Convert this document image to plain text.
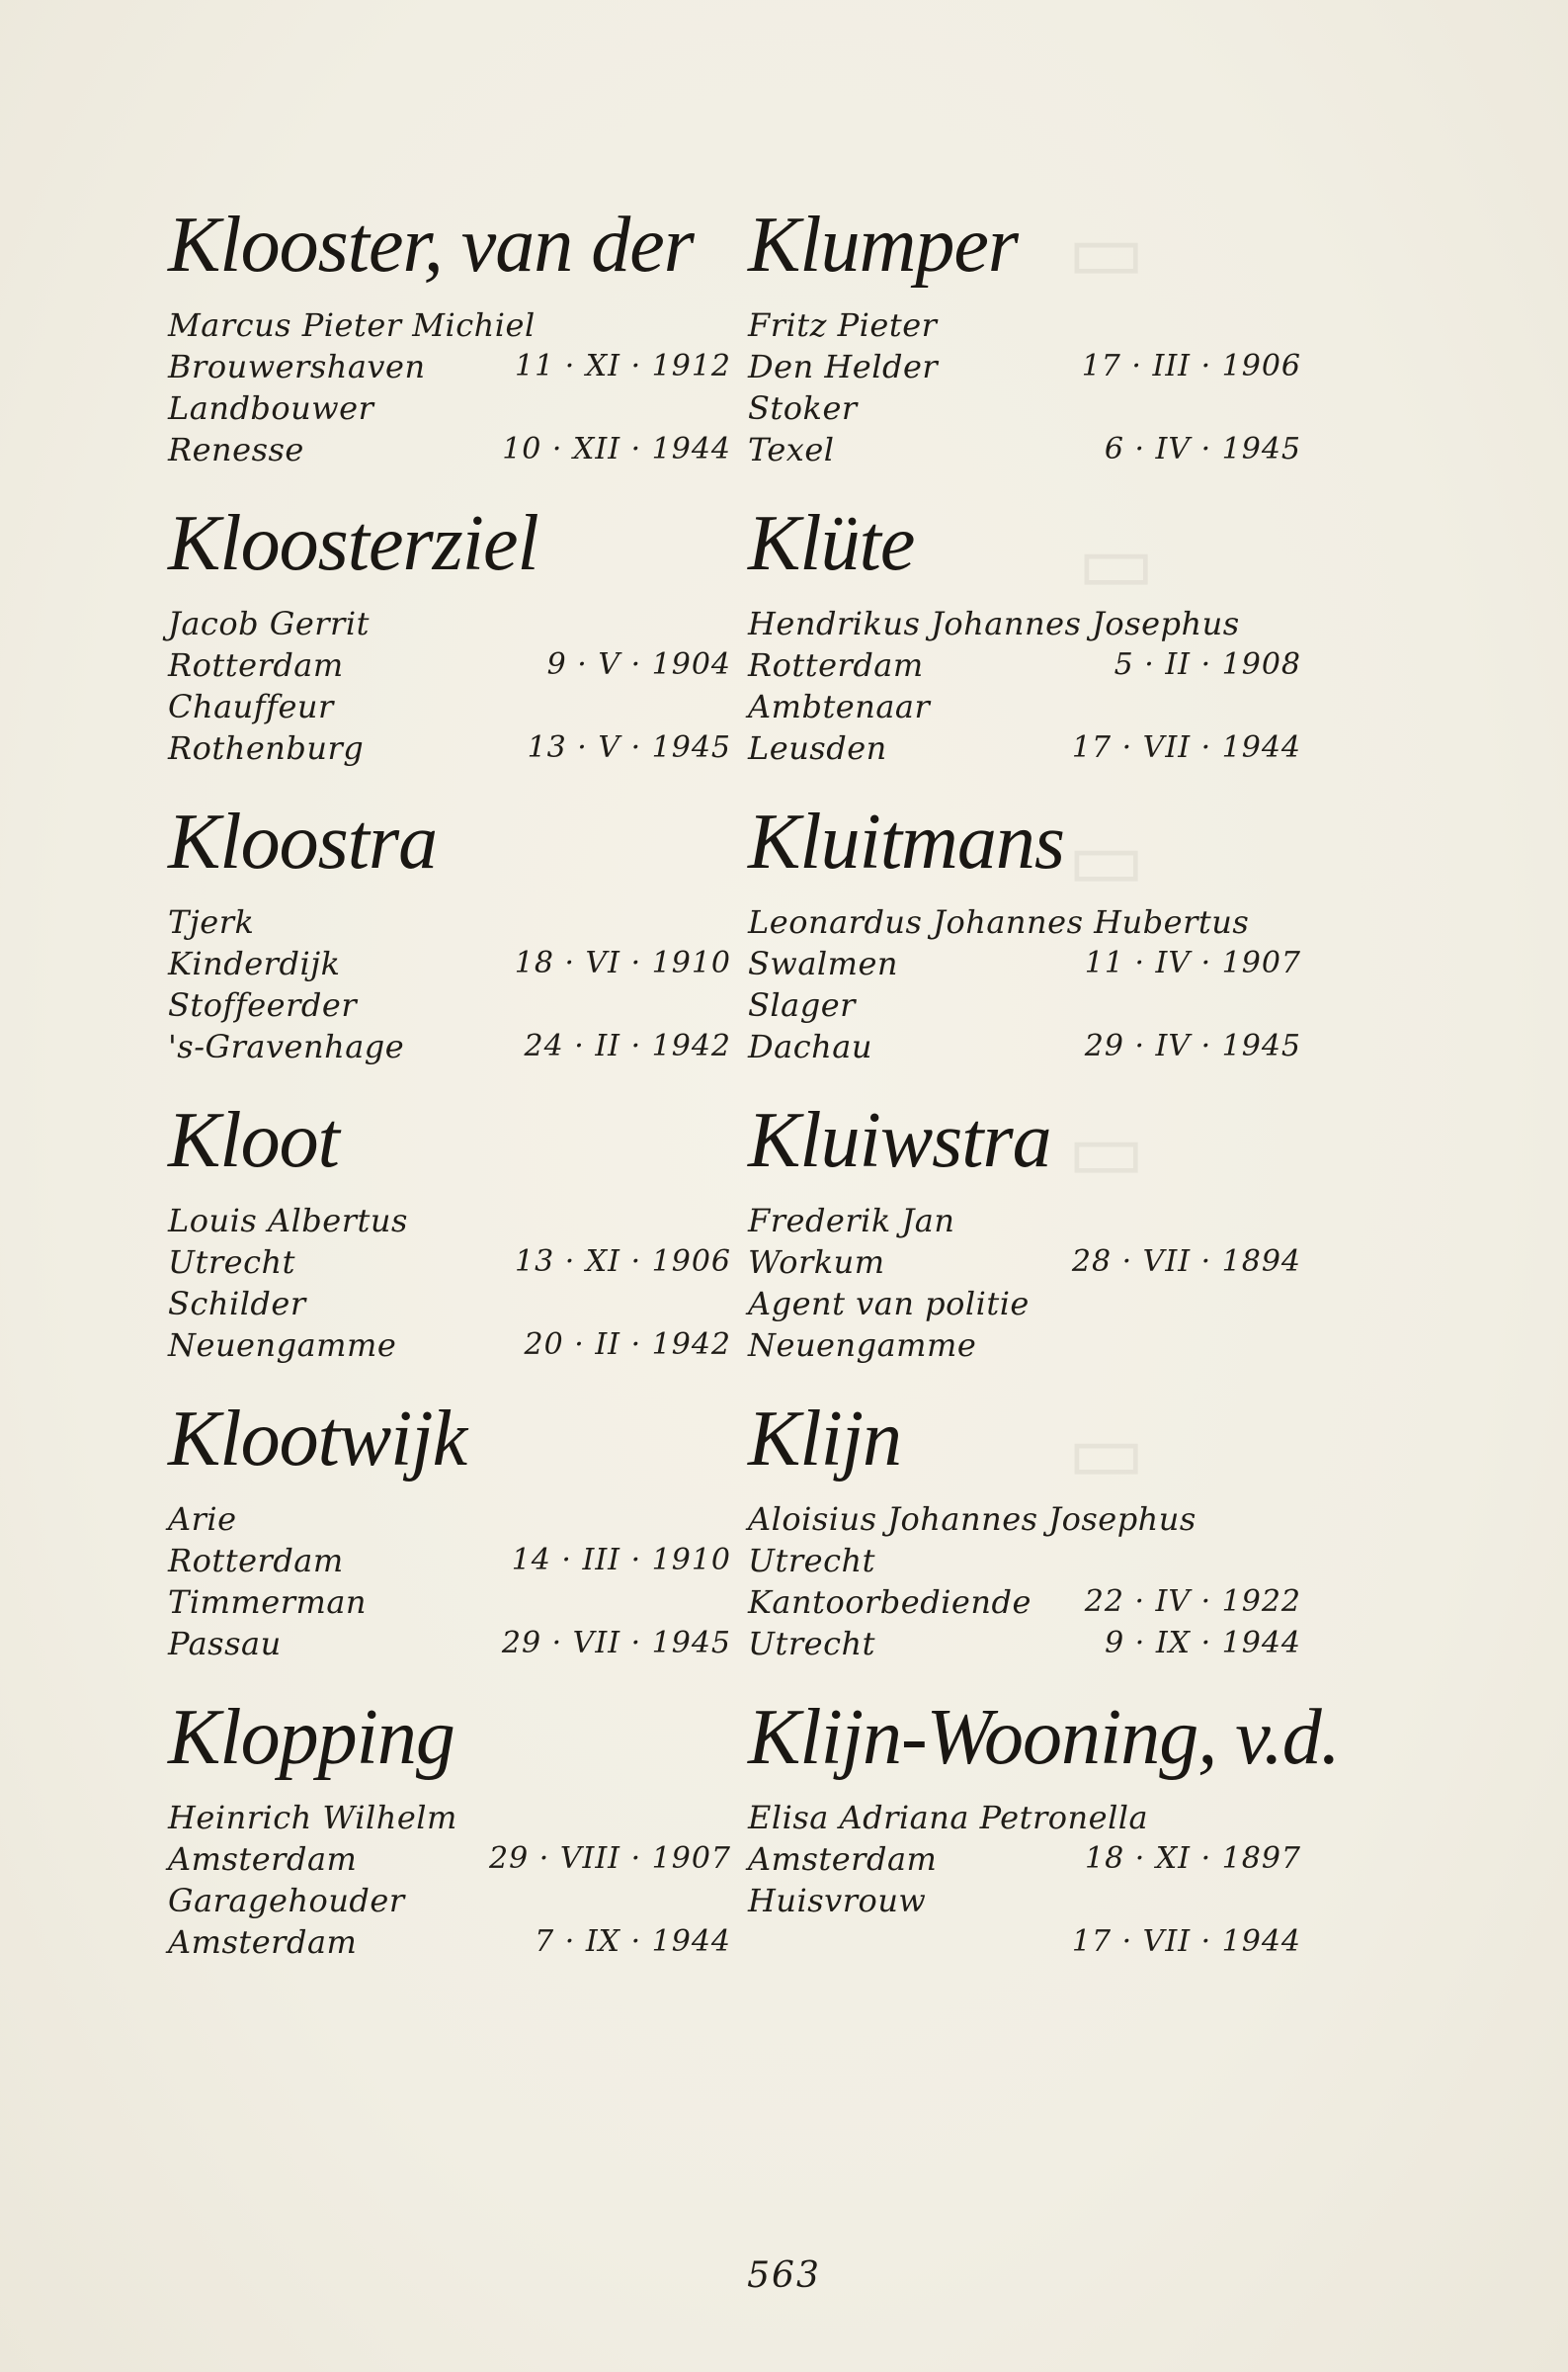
▭
▭
▭
▭
▭
Klooster, van der
Marcus Pieter Michiel
Brouwershaven	11 · XI · 1912
Landbouwer
Renesse	10 · XII · 1944
Kloosterziel
Jacob Gerrit
Rotterdam	9 · V · 1904
Chauffeur
Rothenburg	13 · V · 1945
Kloostra
Tjerk
Kinderdijk	18 · VI · 1910
Stoffeerder
's-Gravenhage	24 · II · 1942
Kloot
Louis Albertus
Utrecht	13 · XI · 1906
Schilder
Neuengamme	20 · II · 1942
Klootwijk
Arie
Rotterdam	14 · III · 1910
Timmerman
Passau	29 · VII · 1945
Klopping
Heinrich Wilhelm
Amsterdam	29 · VIII · 1907
Garagehouder
Amsterdam	7 · IX · 1944
Klumper
Fritz Pieter
Den Helder	17 · III · 1906
Stoker
Texel	6 · IV · 1945
Klüte
Hendrikus Johannes Josephus
Rotterdam	5 · II · 1908
Ambtenaar
Leusden	17 · VII · 1944
Kluitmans
Leonardus Johannes Hubertus
Swalmen	11 · IV · 1907
Slager
Dachau	29 · IV · 1945
Kluiwstra
Frederik Jan
Workum	28 · VII · 1894
Agent van politie
Neuengamme
Klijn
Aloisius Johannes Josephus
Utrecht
Kantoorbediende 22 · IV · 1922
Utrecht	9 · IX · 1944
Klijn-Wooning, v.d.
Elisa Adriana Petronella
Amsterdam	18 · XI · 1897
Huisvrouw
17 · VII · 1944
563
